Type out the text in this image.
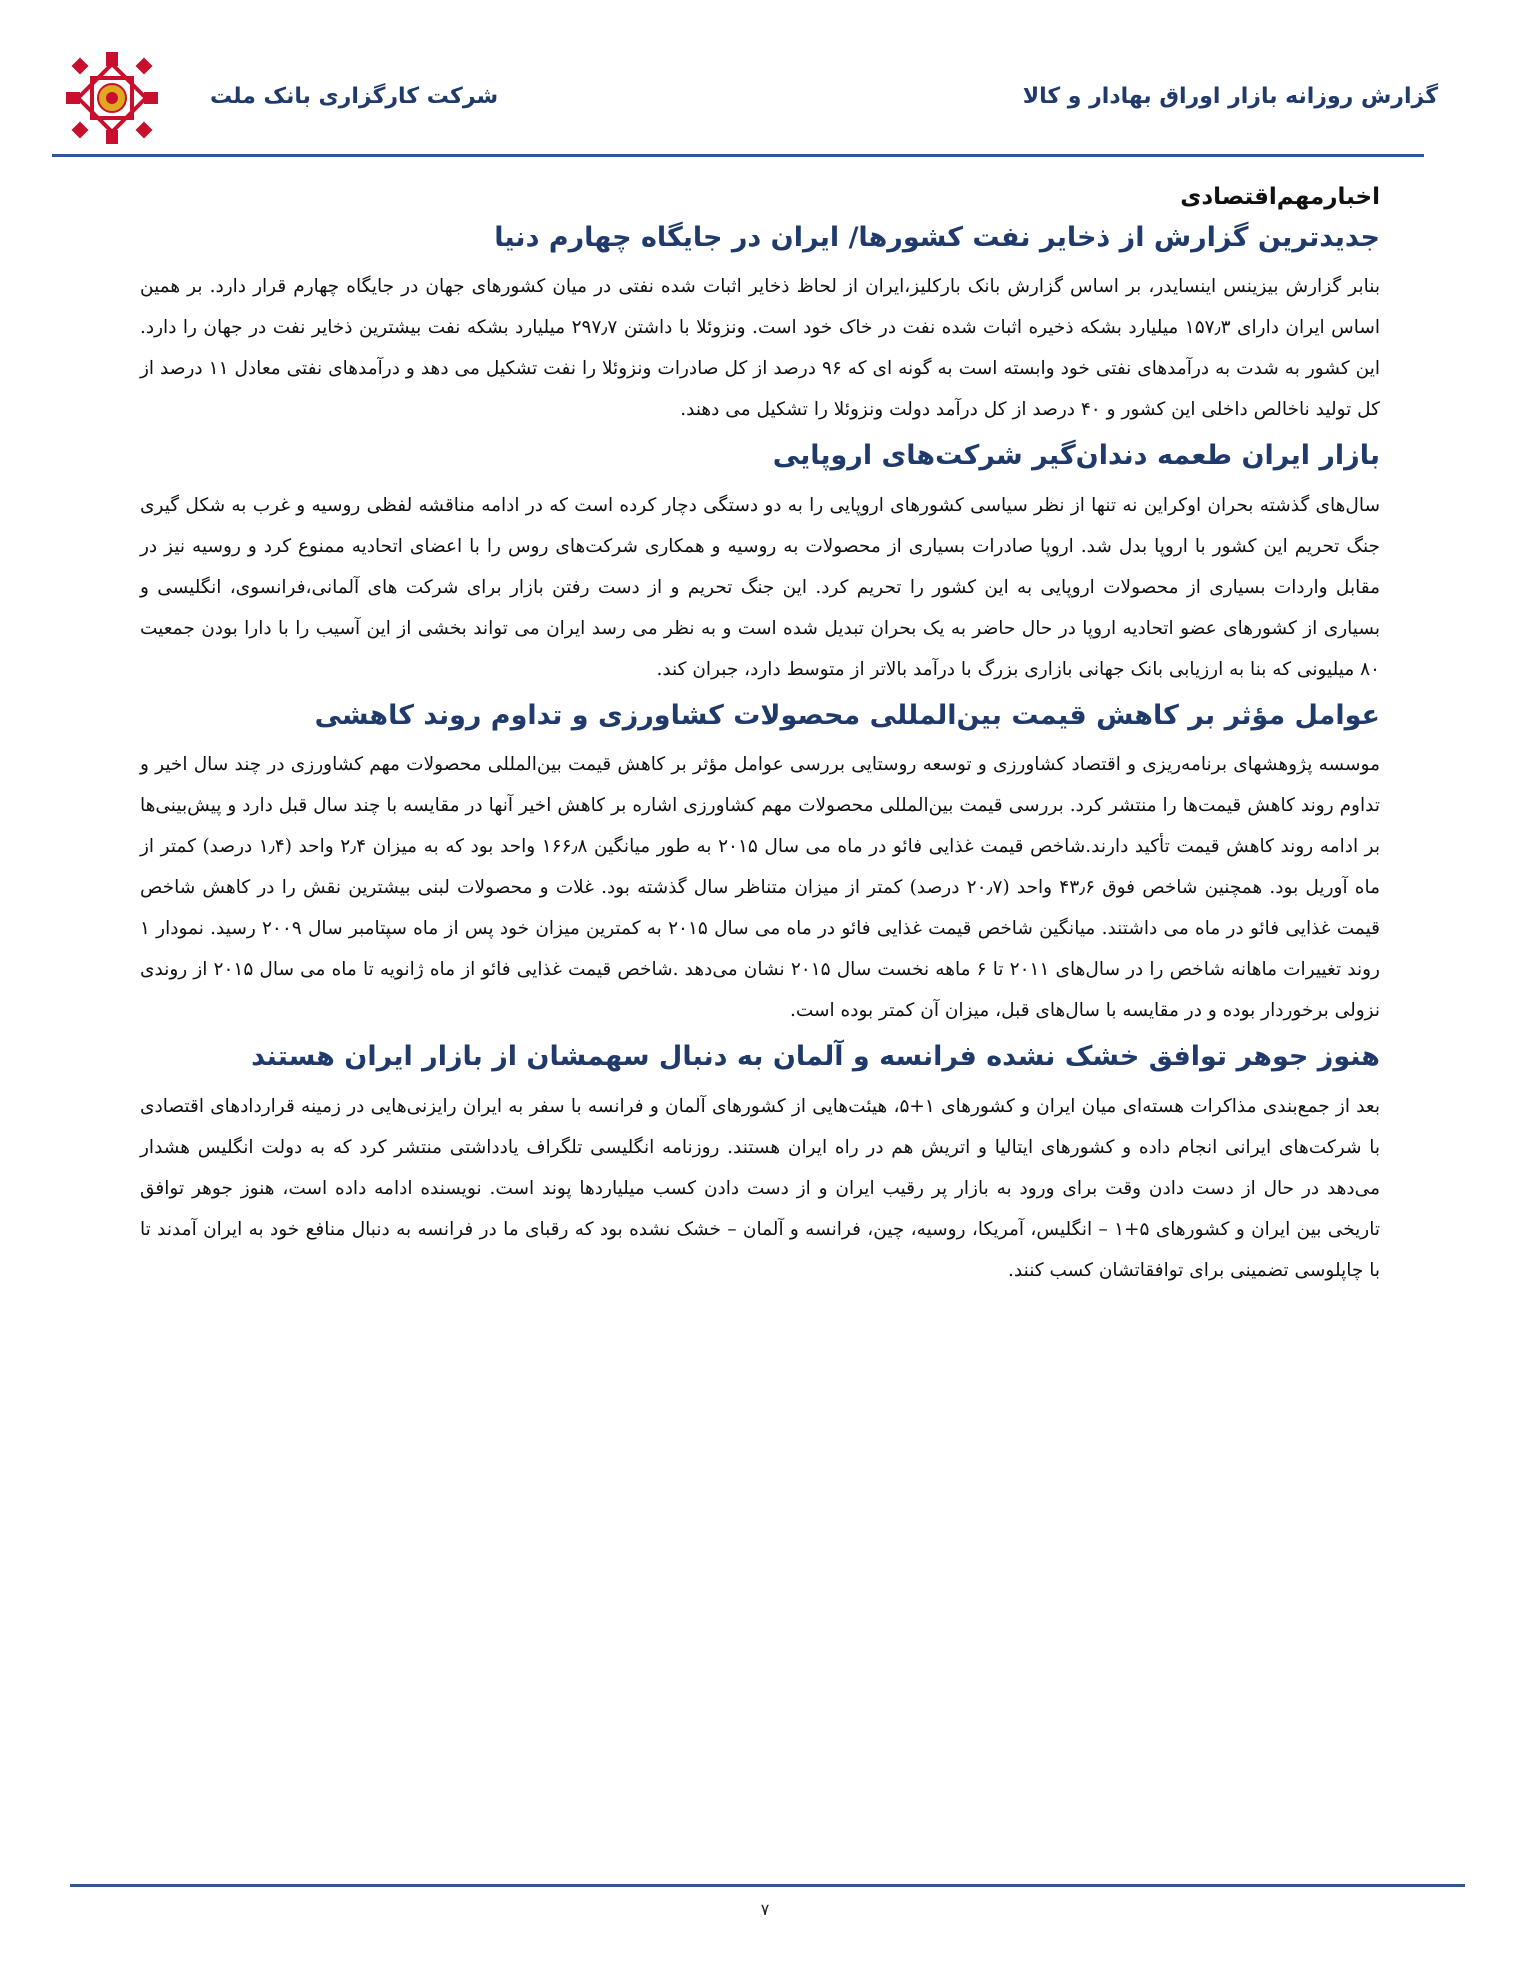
شرکت کارگزاری بانک ملت	گزارش روزانه بازار اوراق بهادار و کالا
اخبارمهم‌اقتصادی
جدیدترین گزارش از ذخایر نفت کشورها/ ایران در جایگاه چهارم دنیا

بنابر گزارش بیزینس اینسایدر، بر اساس گزارش بانک بارکلیز،ایران از لحاظ ذخایر اثبات شده نفتی در میان کشورهای جهان در جایگاه چهارم قرار دارد. بر همین اساس ایران دارای ۱۵۷٫۳ میلیارد بشکه ذخیره اثبات شده نفت در خاک خود است. ونزوئلا با داشتن ۲۹۷٫۷ میلیارد بشکه نفت بیشترین ذخایر نفت در جهان را دارد. این کشور به شدت به درآمدهای نفتی خود وابسته است به گونه ای که ۹۶ درصد از کل صادرات ونزوئلا را نفت تشکیل می دهد و درآمدهای نفتی معادل ۱۱ درصد از کل تولید ناخالص داخلی این کشور و ۴۰ درصد از کل درآمد دولت ونزوئلا را تشکیل می دهند.

بازار ایران طعمه دندان‌گیر شرکت‌های اروپایی

سال‌های گذشته بحران اوکراین نه تنها از نظر سیاسی کشورهای اروپایی را به دو دستگی دچار کرده است که در ادامه مناقشه لفظی روسیه و غرب به شکل گیری جنگ تحریم این کشور با اروپا بدل شد. اروپا صادرات بسیاری از محصولات به روسیه و همکاری شرکت‌های روس را با اعضای اتحادیه ممنوع کرد و روسیه نیز در مقابل واردات بسیاری از محصولات اروپایی به این کشور را تحریم کرد. این جنگ تحریم و از دست رفتن بازار برای شرکت های آلمانی،فرانسوی، انگلیسی و بسیاری از کشورهای عضو اتحادیه اروپا در حال حاضر به یک بحران تبدیل شده است و به نظر می رسد ایران می تواند بخشی از این آسیب را با دارا بودن جمعیت ۸۰ میلیونی که بنا به ارزیابی بانک جهانی بازاری بزرگ با درآمد بالاتر از متوسط دارد، جبران کند.

عوامل مؤثر بر کاهش قیمت بین‌المللی محصولات کشاورزی و تداوم روند کاهشی

موسسه پژوهشهای برنامه‌ریزی و اقتصاد کشاورزی و توسعه روستایی بررسی عوامل مؤثر بر کاهش قیمت بین‌المللی محصولات مهم کشاورزی در چند سال اخیر و تداوم روند کاهش قیمت‌ها را منتشر کرد. بررسی قیمت بین‌المللی محصولات مهم کشاورزی اشاره بر کاهش اخیر آنها در مقایسه با چند سال قبل دارد و پیش‌بینی‌ها بر ادامه روند کاهش قیمت تأکید دارند.شاخص قیمت غذایی فائو در ماه می سال ۲۰۱۵ به طور میانگین ۱۶۶٫۸ واحد بود که به میزان ۲٫۴ واحد (۱٫۴ درصد) کمتر از ماه آوریل بود. همچنین شاخص فوق ۴۳٫۶ واحد (۲۰٫۷ درصد) کمتر از میزان متناظر سال گذشته بود. غلات و محصولات لبنی بیشترین نقش را در کاهش شاخص قیمت غذایی فائو در ماه می داشتند. میانگین شاخص قیمت غذایی فائو در ماه می سال ۲۰۱۵ به کمترین میزان خود پس از ماه سپتامبر سال ۲۰۰۹ رسید. نمودار ۱ روند تغییرات ماهانه شاخص را در سال‌های ۲۰۱۱ تا ۶ ماهه نخست سال ۲۰۱۵ نشان می‌دهد .شاخص قیمت غذایی فائو از ماه ژانویه تا ماه می سال ۲۰۱۵ از روندی نزولی برخوردار بوده و در مقایسه با سال‌های قبل، میزان آن کمتر بوده است.

هنوز جوهر توافق خشک نشده فرانسه و آلمان به دنبال سهمشان از بازار ایران هستند

بعد از جمع‌بندی مذاکرات هسته‌ای میان ایران و کشورهای ۱+۵، هیئت‌هایی از کشورهای آلمان و فرانسه با سفر به ایران رایزنی‌هایی در زمینه قراردادهای اقتصادی با شرکت‌های ایرانی انجام داده و کشورهای ایتالیا و اتریش هم در راه ایران هستند. روزنامه انگلیسی تلگراف یادداشتی منتشر کرد که به دولت انگلیس هشدار می‌دهد در حال از دست دادن وقت برای ورود به بازار پر رقیب ایران و از دست دادن کسب میلیاردها پوند است. نویسنده ادامه داده است، هنوز جوهر توافق تاریخی بین ایران و کشورهای ۵+۱ – انگلیس، آمریکا، روسیه، چین، فرانسه و آلمان – خشک نشده بود که رقبای ما در فرانسه به دنبال منافع خود به ایران آمدند تا با چاپلوسی تضمینی برای توافقاتشان کسب کنند.

۷
